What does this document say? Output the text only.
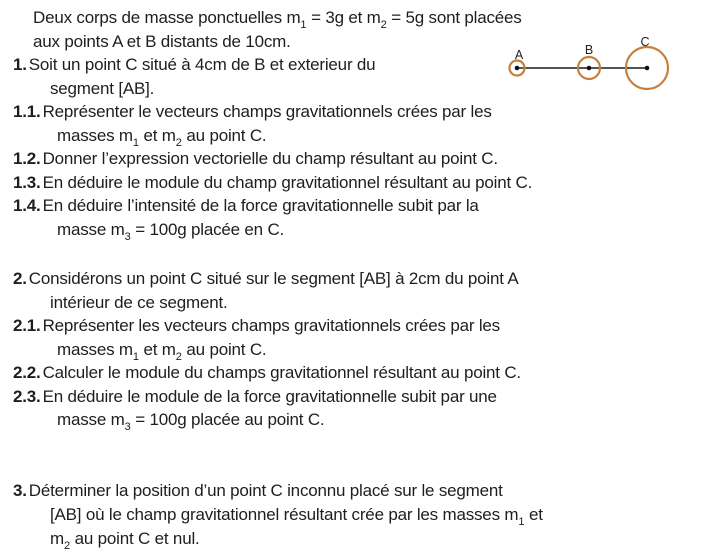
Deux corps de masse ponctuelles $m_1 = 3g$ et $m_2 = 5g$ sont placées
aux points A et B distants de 10cm.
1. Soit un point C situé à 4cm de B et exterieur du
segment [AB].
1.1. Représenter le vecteurs champs gravitationnels crées par les
masses $m_1$ et $m_2$ au point C.
1.2. Donner l’expression vectorielle du champ résultant au point C.
1.3. En déduire le module du champ gravitationnel résultant au point C.
1.4. En déduire l’intensité de la force gravitationnelle subit par la
masse $m_3 = 100g$ placée en C.
2. Considérons un point C situé sur le segment [AB] à 2cm du point A
intérieur de ce segment.
2.1. Représenter les vecteurs champs gravitationnels crées par les
masses $m_1$ et $m_2$ au point C.
2.2. Calculer le module du champs gravitationnel résultant au point C.
2.3. En déduire le module de la force gravitationnelle subit par une
masse $m_3 = 100g$ placée au point C.
3. Déterminer la position d’un point C inconnu placé sur le segment
[AB] où le champ gravitationnel résultant crée par les masses $m_1$ et
$m_2$ au point C et nul.
A	B
C
